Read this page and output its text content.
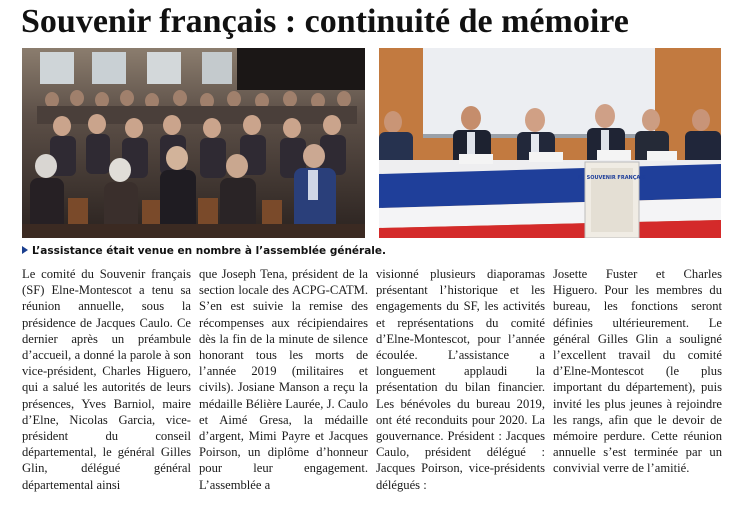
Souvenir français : continuité de mémoire
LE SOUVENIR FRANÇAIS
L’assistance était venue en nombre à l’assemblée générale.

Le comité du Souvenir français (SF) Elne-Montescot a tenu sa réunion annuelle, sous la présidence de Jacques Caulo. Ce dernier après un préambule d’accueil, a donné la parole à son vice-président, Charles Higuero, qui a salué les autorités de leurs présences, Yves Barniol, maire d’Elne, Nicolas Garcia, vice-président du conseil départemental, le général Gilles Glin, délégué général départemental ainsi

que Joseph Tena, président de la section locale des ACPG-CATM. S’en est suivie la remise des récompenses aux récipiendaires dès la fin de la minute de silence honorant tous les morts de l’année 2019 (militaires et civils). Josiane Manson a reçu la médaille Bélière Laurée, J. Caulo et Aimé Gresa, la médaille d’argent, Mimi Payre et Jacques Poirson, un diplôme d’honneur pour leur engagement. L’assemblée a

visionné plusieurs diaporamas présentant l’historique et les engagements du SF, les activités et représentations du comité d’Elne-Montescot, pour l’année écoulée. L’assistance a longuement applaudi la présentation du bilan financier. Les bénévoles du bureau 2019, ont été reconduits pour 2020. La gouvernance. Président : Jacques Caulo, président délégué : Jacques Poirson, vice-présidents délégués :

Josette Fuster et Charles Higuero. Pour les membres du bureau, les fonctions seront définies ultérieurement. Le général Gilles Glin a souligné l’excellent travail du comité d’Elne-Montescot (le plus important du département), puis invité les plus jeunes à rejoindre les rangs, afin que le devoir de mémoire perdure. Cette réunion annuelle s’est terminée par un convivial verre de l’amitié.
